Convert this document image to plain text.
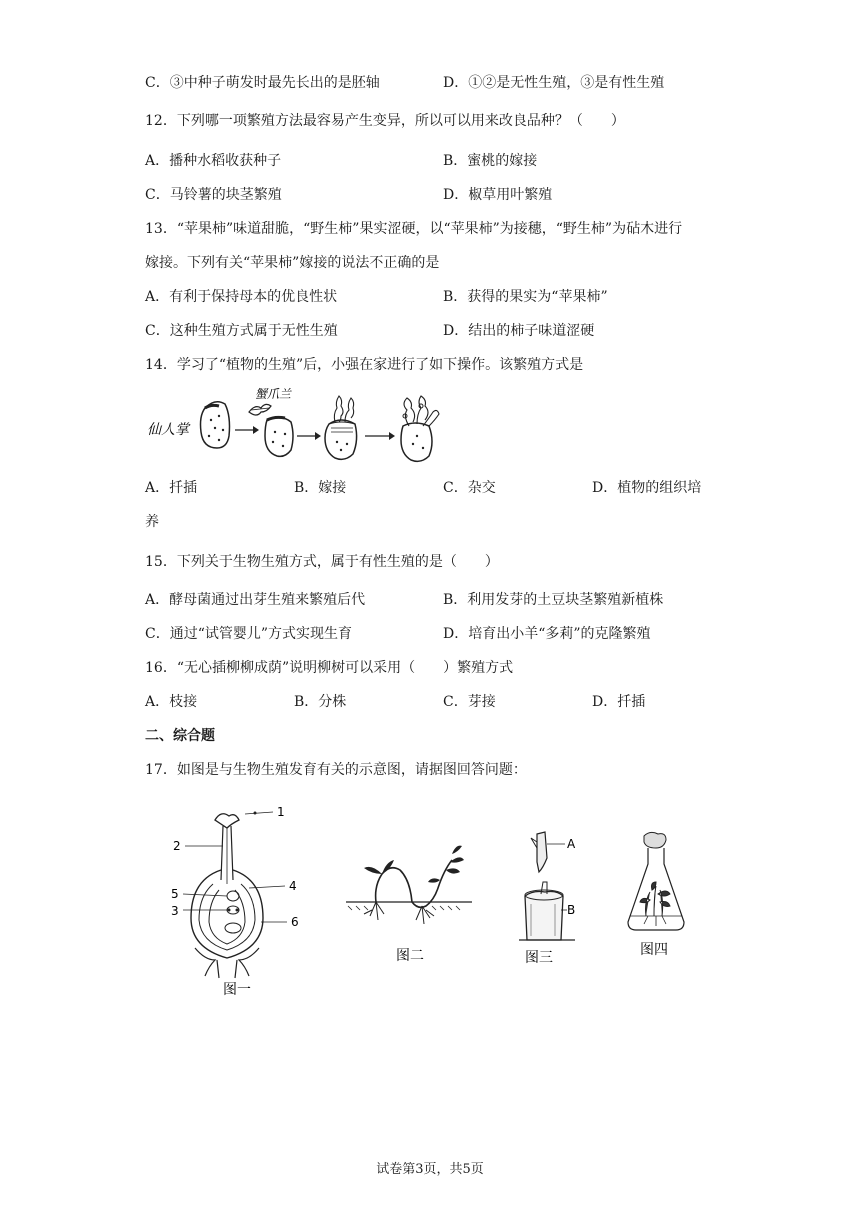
C．③中种子萌发时最先长出的是胚轴	D．①②是无性生殖，③是有性生殖
12．下列哪一项繁殖方法最容易产生变异，所以可以用来改良品种？（　　）
A．播种水稻收获种子	B．蜜桃的嫁接
C．马铃薯的块茎繁殖	D．椒草用叶繁殖
13．“苹果柿”味道甜脆，“野生柿”果实涩硬，以“苹果柿”为接穗，“野生柿”为砧木进行
嫁接。下列有关“苹果柿”嫁接的说法不正确的是
A．有利于保持母本的优良性状	B．获得的果实为“苹果柿”
C．这种生殖方式属于无性生殖	D．结出的柿子味道涩硬
14．学习了“植物的生殖”后，小强在家进行了如下操作。该繁殖方式是
仙人掌
蟹爪兰
A．扦插	B．嫁接	C．杂交	D．植物的组织培
养
15．下列关于生物生殖方式，属于有性生殖的是（　　）
A．酵母菌通过出芽生殖来繁殖后代	B．利用发芽的土豆块茎繁殖新植株
C．通过“试管婴儿”方式实现生育	D．培育出小羊“多莉”的克隆繁殖
16．“无心插柳柳成荫”说明柳树可以采用（　　）繁殖方式
A．枝接	B．分株	C．芽接	D．扦插
二、综合题
17．如图是与生物生殖发育有关的示意图，请据图回答问题：
1
2
5
3
4
6
图一
图二
A
B
图三	图四
试卷第3页，共5页
